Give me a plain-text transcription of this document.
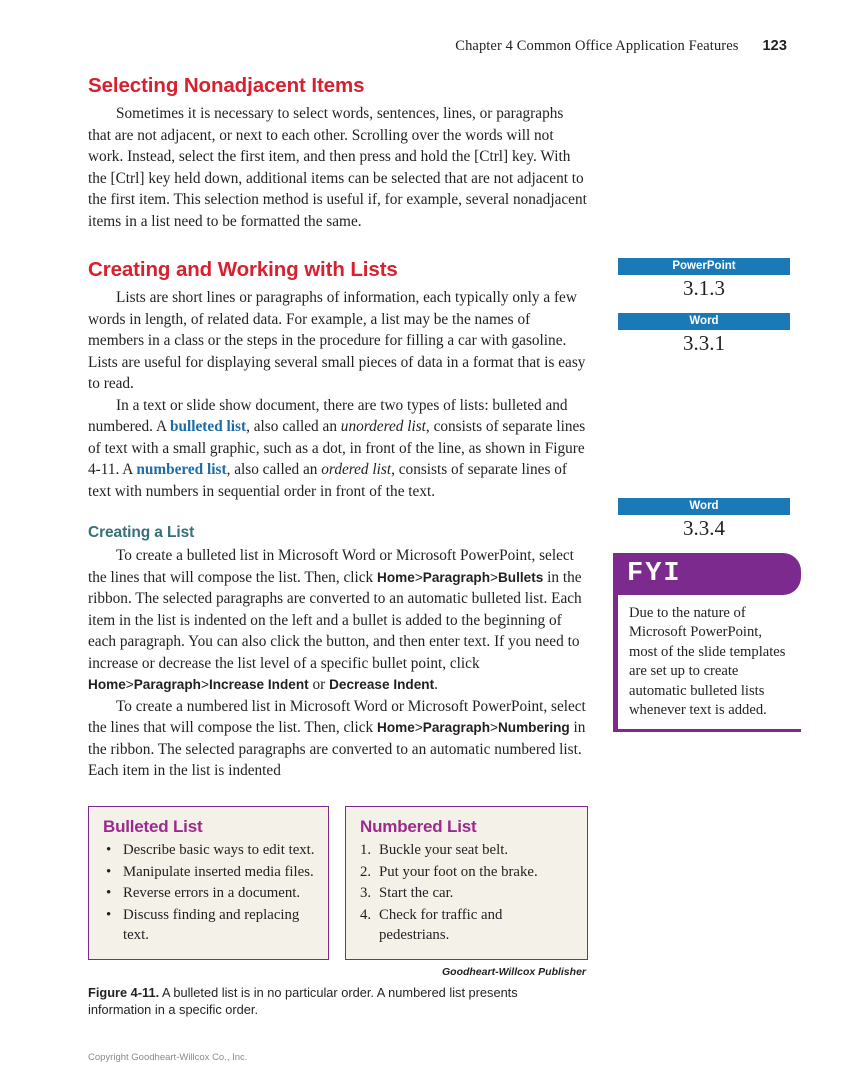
Chapter 4 Common Office Application Features 123
Selecting Nonadjacent Items

Sometimes it is necessary to select words, sentences, lines, or paragraphs that are not adjacent, or next to each other. Scrolling over the words will not work. Instead, select the first item, and then press and hold the [Ctrl] key. With the [Ctrl] key held down, additional items can be selected that are not adjacent to the first item. This selection method is useful if, for example, several nonadjacent items in a list need to be formatted the same.

Creating and Working with Lists

Lists are short lines or paragraphs of information, each typically only a few words in length, of related data. For example, a list may be the names of members in a class or the steps in the procedure for filling a car with gasoline. Lists are useful for displaying several small pieces of data in a format that is easy to read.

In a text or slide show document, there are two types of lists: bulleted and numbered. A bulleted list, also called an unordered list, consists of separate lines of text with a small graphic, such as a dot, in front of the line, as shown in Figure 4-11. A numbered list, also called an ordered list, consists of separate lines of text with numbers in sequential order in front of the text.

Creating a List

To create a bulleted list in Microsoft Word or Microsoft PowerPoint, select the lines that will compose the list. Then, click Home>Paragraph>Bullets in the ribbon. The selected paragraphs are converted to an automatic bulleted list. Each item in the list is indented on the left and a bullet is added to the beginning of each paragraph. You can also click the button, and then enter text. If you need to increase or decrease the list level of a specific bullet point, click Home>Paragraph>Increase Indent or Decrease Indent.

To create a numbered list in Microsoft Word or Microsoft PowerPoint, select the lines that will compose the list. Then, click Home>Paragraph>Numbering in the ribbon. The selected paragraphs are converted to an automatic numbered list. Each item in the list is indented

PowerPoint
3.1.3
Word
3.3.1
Word
3.3.4
FYI
Due to the nature of Microsoft PowerPoint, most of the slide templates are set up to create automatic bulleted lists whenever text is added.
Bulleted List
• Describe basic ways to edit text.
• Manipulate inserted media files.
• Reverse errors in a document.
• Discuss finding and replacing text.
Numbered List
1. Buckle your seat belt.
2. Put your foot on the brake.
3. Start the car.
4. Check for traffic and pedestrians.
Goodheart-Willcox Publisher
Figure 4-11. A bulleted list is in no particular order. A numbered list presents information in a specific order.
Copyright Goodheart-Willcox Co., Inc.
